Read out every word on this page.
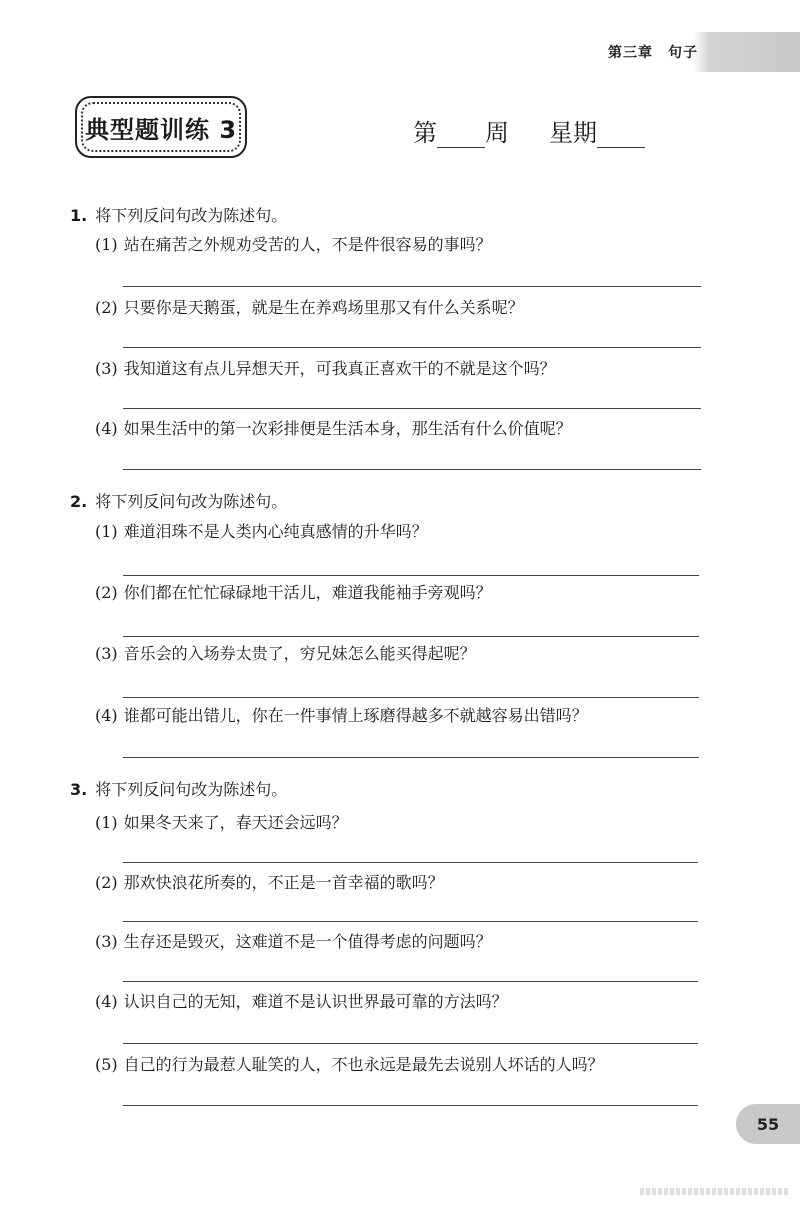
第三章　句子
典型题训练 3	第 周 星期
1. 将下列反问句改为陈述句。
(1) 站在痛苦之外规劝受苦的人，不是件很容易的事吗？
(2) 只要你是天鹅蛋，就是生在养鸡场里那又有什么关系呢？
(3) 我知道这有点儿异想天开，可我真正喜欢干的不就是这个吗？
(4) 如果生活中的第一次彩排便是生活本身，那生活有什么价值呢？
2. 将下列反问句改为陈述句。
(1) 难道泪珠不是人类内心纯真感情的升华吗？
(2) 你们都在忙忙碌碌地干活儿，难道我能袖手旁观吗？
(3) 音乐会的入场券太贵了，穷兄妹怎么能买得起呢？
(4) 谁都可能出错儿，你在一件事情上琢磨得越多不就越容易出错吗？
3. 将下列反问句改为陈述句。
(1) 如果冬天来了，春天还会远吗？
(2) 那欢快浪花所奏的，不正是一首幸福的歌吗？
(3) 生存还是毁灭，这难道不是一个值得考虑的问题吗？
(4) 认识自己的无知，难道不是认识世界最可靠的方法吗？
(5) 自己的行为最惹人耻笑的人，不也永远是最先去说别人坏话的人吗？
55
